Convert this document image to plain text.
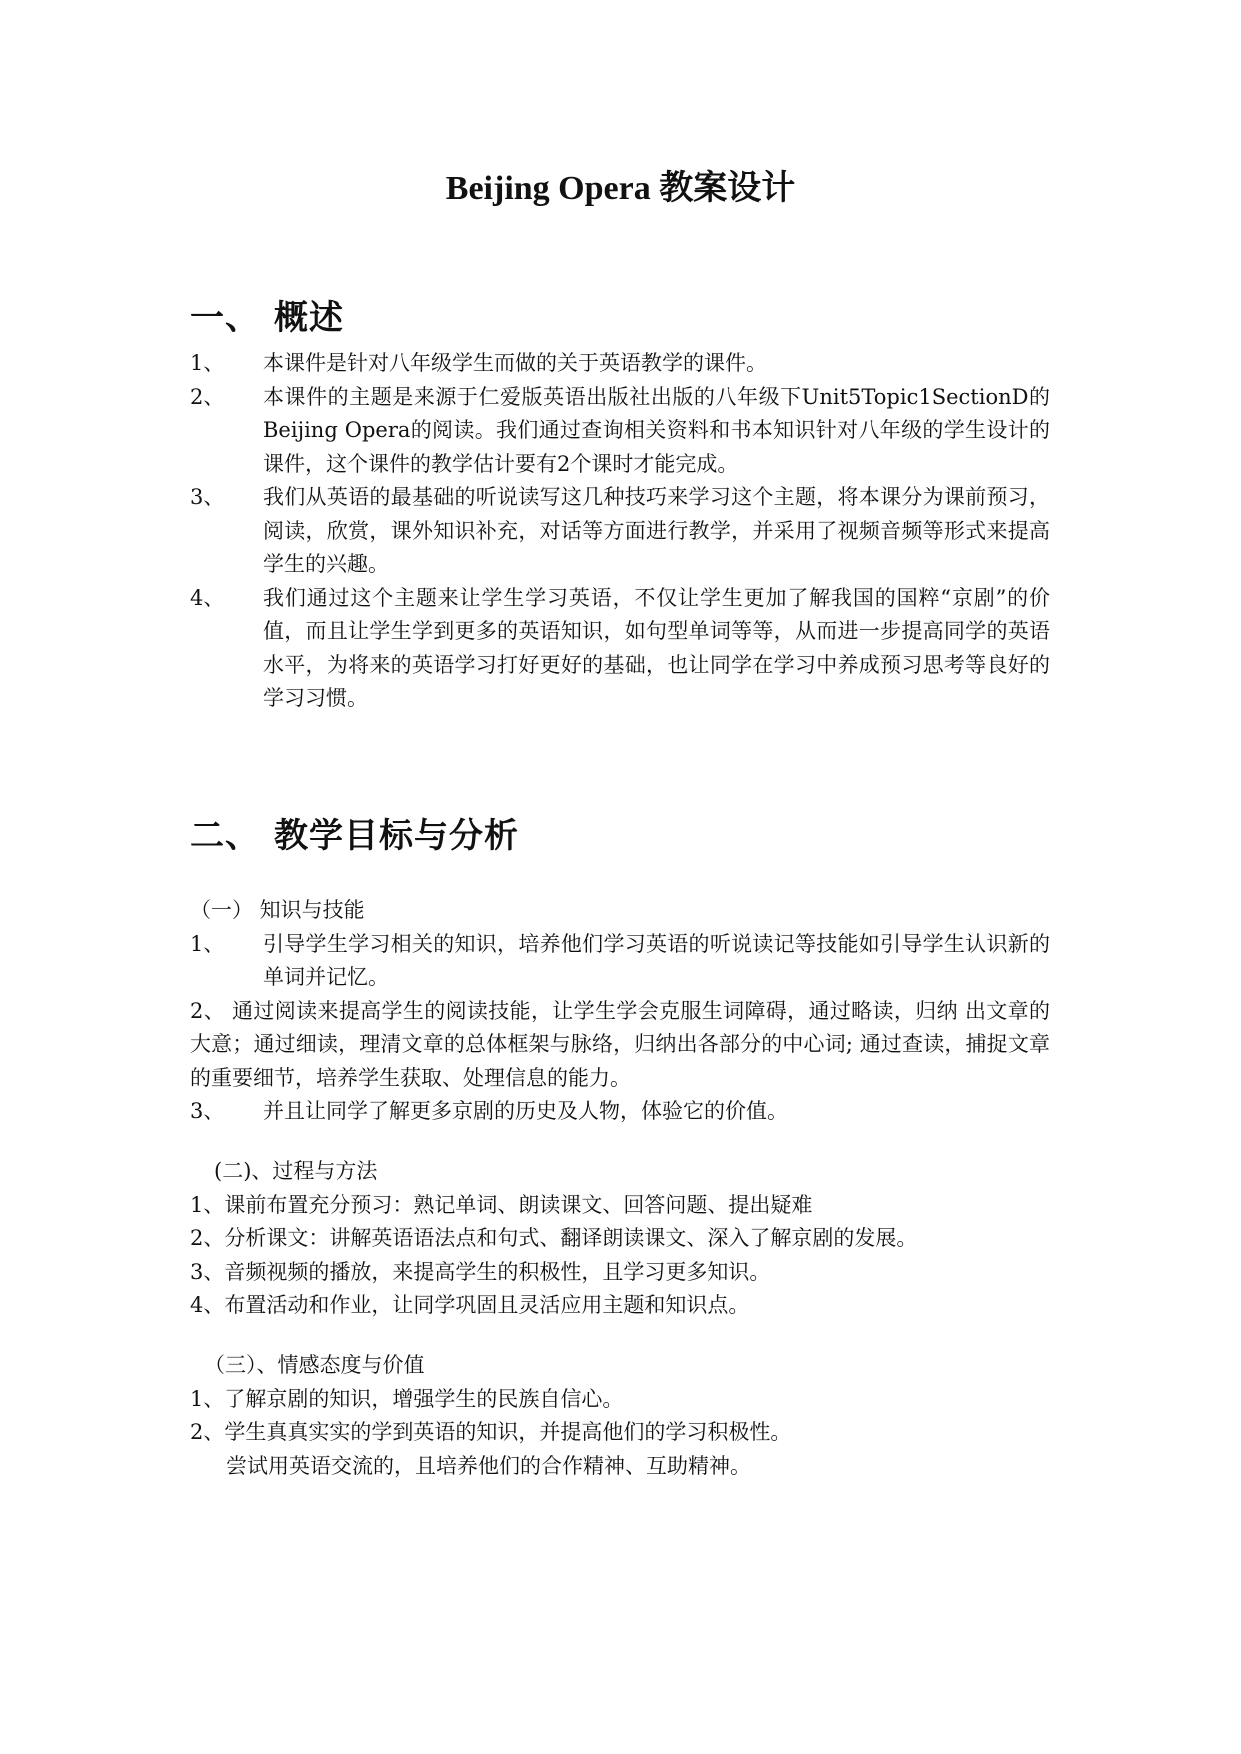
Beijing Opera 教案设计
一、 概述
1、 本课件是针对八年级学生而做的关于英语教学的课件。
2、 本课件的主题是来源于仁爱版英语出版社出版的八年级下Unit5Topic1SectionD的Beijing Opera的阅读。我们通过查询相关资料和书本知识针对八年级的学生设计的课件，这个课件的教学估计要有2个课时才能完成。
3、 我们从英语的最基础的听说读写这几种技巧来学习这个主题，将本课分为课前预习，阅读，欣赏，课外知识补充，对话等方面进行教学，并采用了视频音频等形式来提高学生的兴趣。
4、 我们通过这个主题来让学生学习英语，不仅让学生更加了解我国的国粹“京剧”的价值，而且让学生学到更多的英语知识，如句型单词等等，从而进一步提高同学的英语水平，为将来的英语学习打好更好的基础，也让同学在学习中养成预习思考等良好的学习习惯。
二、 教学目标与分析
（一） 知识与技能
1、 引导学生学习相关的知识，培养他们学习英语的听说读记等技能如引导学生认识新的单词并记忆。
2、 通过阅读来提高学生的阅读技能，让学生学会克服生词障碍，通过略读，归纳 出文章的大意；通过细读，理清文章的总体框架与脉络，归纳出各部分的中心词; 通过查读，捕捉文章的重要细节，培养学生获取、处理信息的能力。
3、 并且让同学了解更多京剧的历史及人物，体验它的价值。
(二)、过程与方法
1、课前布置充分预习：熟记单词、朗读课文、回答问题、提出疑难
2、分析课文：讲解英语语法点和句式、翻译朗读课文、深入了解京剧的发展。
3、音频视频的播放，来提高学生的积极性，且学习更多知识。
4、布置活动和作业，让同学巩固且灵活应用主题和知识点。
（三）、情感态度与价值
1、了解京剧的知识，增强学生的民族自信心。
2、学生真真实实的学到英语的知识，并提高他们的学习积极性。
尝试用英语交流的，且培养他们的合作精神、互助精神。
